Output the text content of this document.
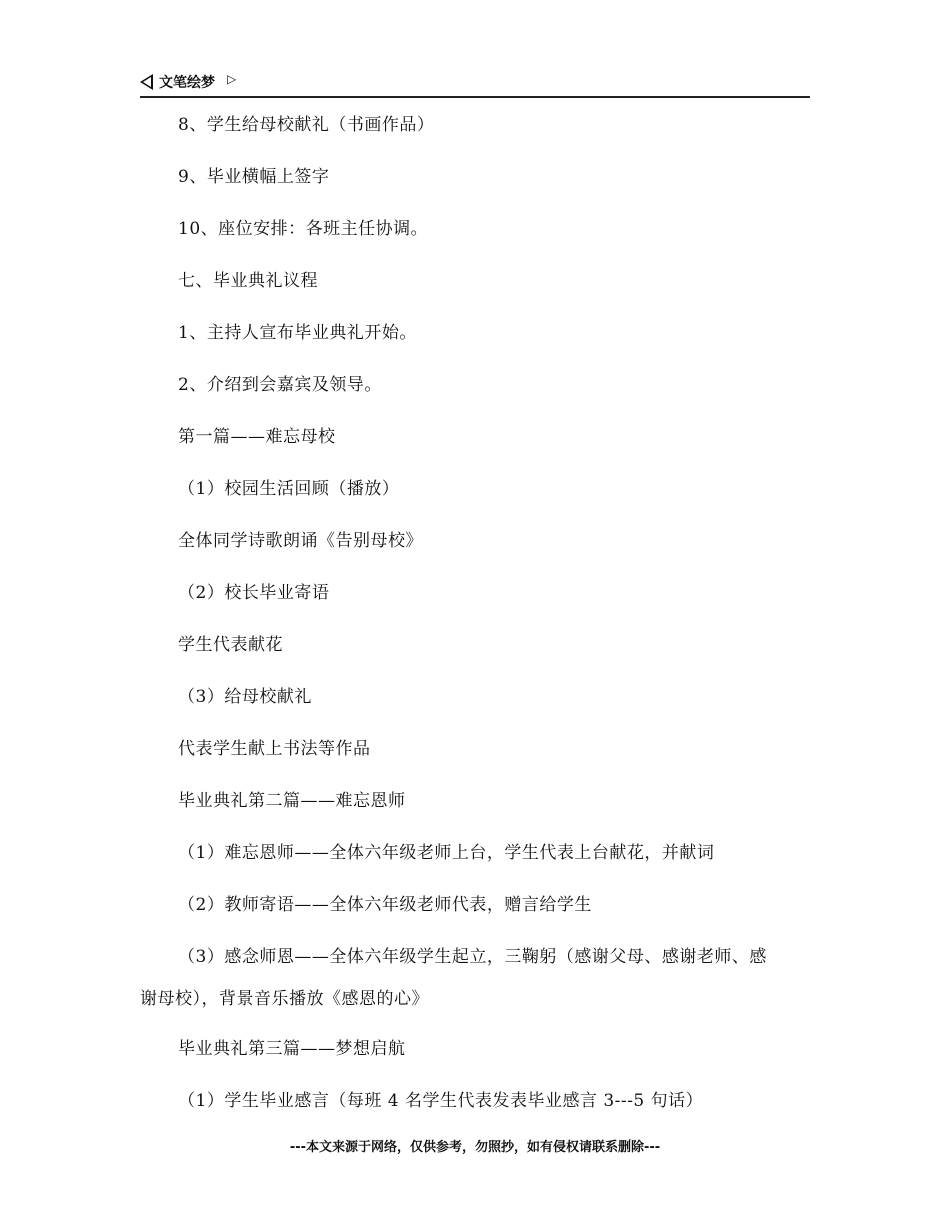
文笔绘梦 ▷
8、学生给母校献礼（书画作品）
9、毕业横幅上签字
10、座位安排：各班主任协调。
七、毕业典礼议程
1、主持人宣布毕业典礼开始。
2、介绍到会嘉宾及领导。
第一篇——难忘母校
（1）校园生活回顾（播放）
全体同学诗歌朗诵《告别母校》
（2）校长毕业寄语
学生代表献花
（3）给母校献礼
代表学生献上书法等作品
毕业典礼第二篇——难忘恩师
（1）难忘恩师——全体六年级老师上台，学生代表上台献花，并献词
（2）教师寄语——全体六年级老师代表，赠言给学生
（3）感念师恩——全体六年级学生起立，三鞠躬（感谢父母、感谢老师、感
谢母校），背景音乐播放《感恩的心》
毕业典礼第三篇——梦想启航
（1）学生毕业感言（每班 4 名学生代表发表毕业感言 3---5 句话）
---本文来源于网络，仅供参考，勿照抄，如有侵权请联系删除---
